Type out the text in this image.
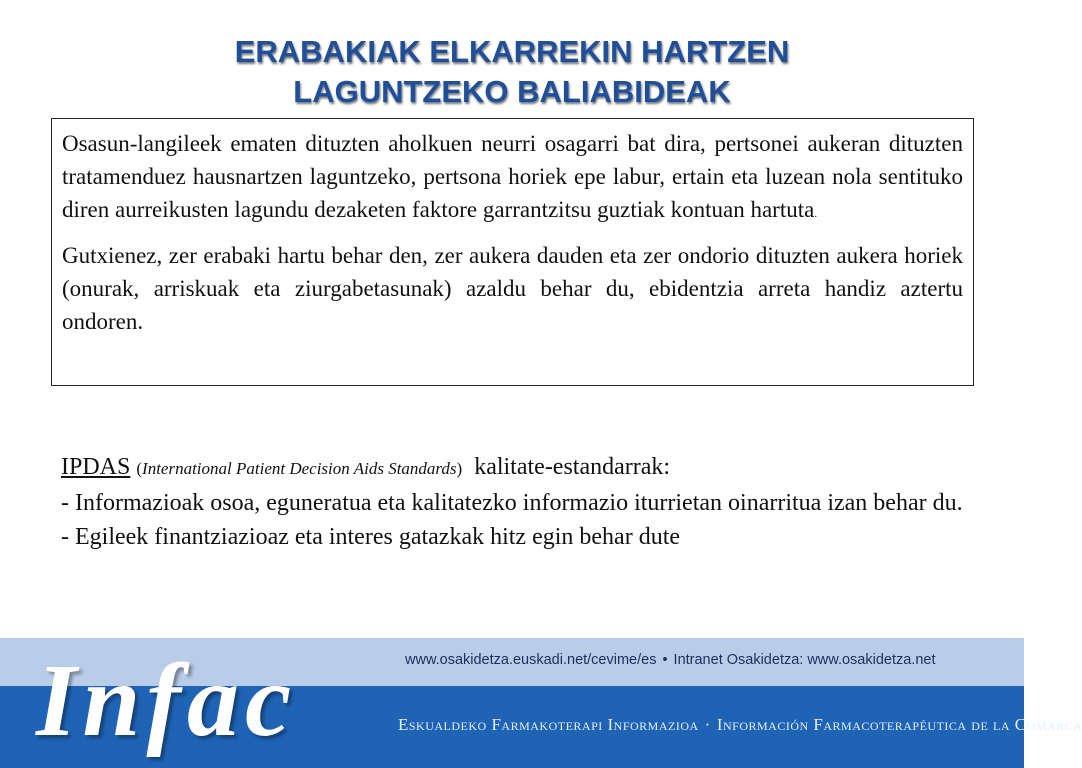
ERABAKIAK ELKARREKIN HARTZEN
LAGUNTZEKO BALIABIDEAK

Osasun-langileek ematen dituzten aholkuen neurri osagarri bat dira, pertsonei aukeran dituzten tratamenduez hausnartzen laguntzeko, pertsona horiek epe labur, ertain eta luzean nola sentituko diren aurreikusten lagundu dezaketen faktore garrantzitsu guztiak kontuan hartuta.

Gutxienez, zer erabaki hartu behar den, zer aukera dauden eta zer ondorio dituzten aukera horiek (onurak, arriskuak eta ziurgabetasunak) azaldu behar du, ebidentzia arreta handiz aztertu ondoren.

IPDAS (International Patient Decision Aids Standards) kalitate-estandarrak:
- Informazioak osoa, eguneratua eta kalitatezko informazio iturrietan oinarritua izan behar du.
- Egileek finantziazioaz eta interes gatazkak hitz egin behar dute
Infac	www.osakidetza.euskadi.net/cevime/es • Intranet Osakidetza: www.osakidetza.net
Eskualdeko Farmakoterapi Informazioa · Información Farmacoterapéutica de la Comarca
